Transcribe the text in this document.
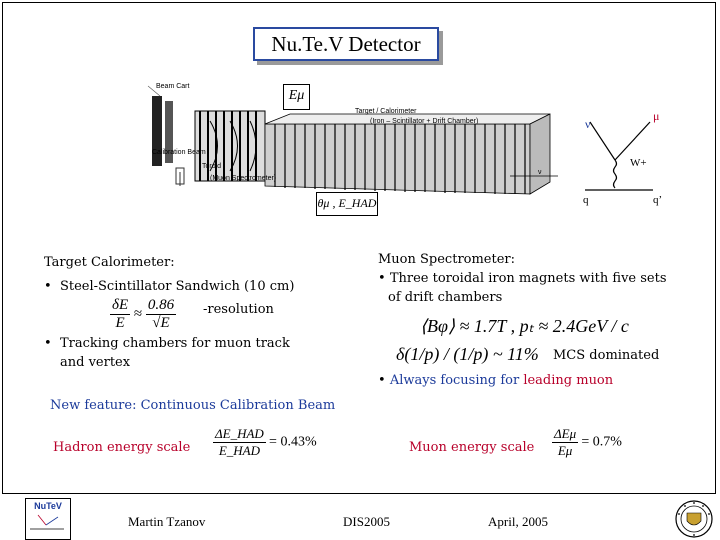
Nu.Te.V Detector
Beam Cart
Target / Calorimeter
(Iron – Scintillator + Drift Chamber)
Toroid
(Muon Spectrometer)
Calibration Beam
ν
Eμ
θμ , E_HAD
ν
μ
W+
q	q’
Target Calorimeter:
•  Steel-Scintillator Sandwich (10 cm)
$\frac{\delta E}{E} \approx \frac{0.86}{√E}$ -resolution
•  Tracking chambers for muon track
and vertex
Muon Spectrometer:
• Three toroidal iron magnets with five sets
of drift chambers
⟨Bφ⟩ ≈ 1.7T , pₜ ≈ 2.4GeV / c
δ(1/p) / (1/p) ~ 11% MCS dominated
• Always focusing for leading muon
New feature: Continuous Calibration Beam
Hadron energy scale $\frac{\text{ΔE\_HAD}}{\text{E\_HAD}} = 0.43\%$	Muon energy scale $\frac{\text{ΔEμ}}{E\mu} = 0.7\%$
NuTeV
Martin Tzanov	DIS2005	April, 2005
